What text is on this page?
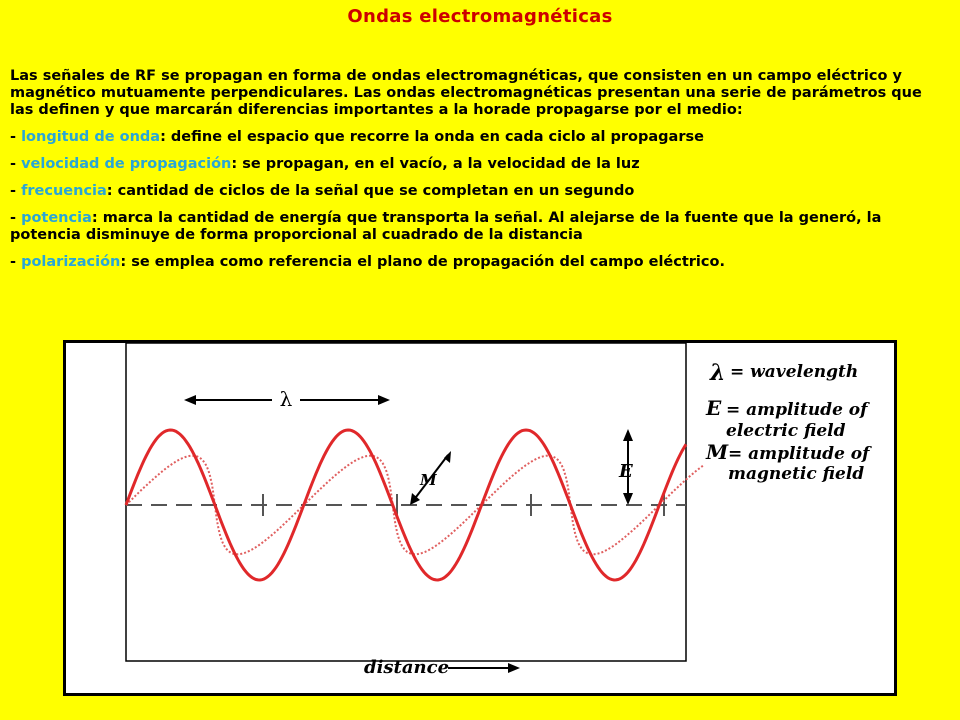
Ondas electromagnéticas

Las señales de RF se propagan en forma de ondas electromagnéticas, que consisten en un campo eléctrico y magnético mutuamente perpendiculares. Las ondas electromagnéticas presentan una serie de parámetros que las definen y que marcarán diferencias importantes a la horade propagarse por el medio:

- longitud de onda: define el espacio que recorre la onda en cada ciclo al propagarse

- velocidad de propagación: se propagan, en el vacío, a la velocidad de la luz

- frecuencia: cantidad de ciclos de la señal que se completan en un segundo

- potencia: marca la cantidad de energía que transporta la señal. Al alejarse de la fuente que la generó, la potencia disminuye de forma proporcional al cuadrado de la distancia

- polarización: se emplea como referencia el plano de propagación del campo eléctrico.

λ
E
M
distance
λ = wavelength
E = amplitude of
electric field
M = amplitude of
magnetic field
